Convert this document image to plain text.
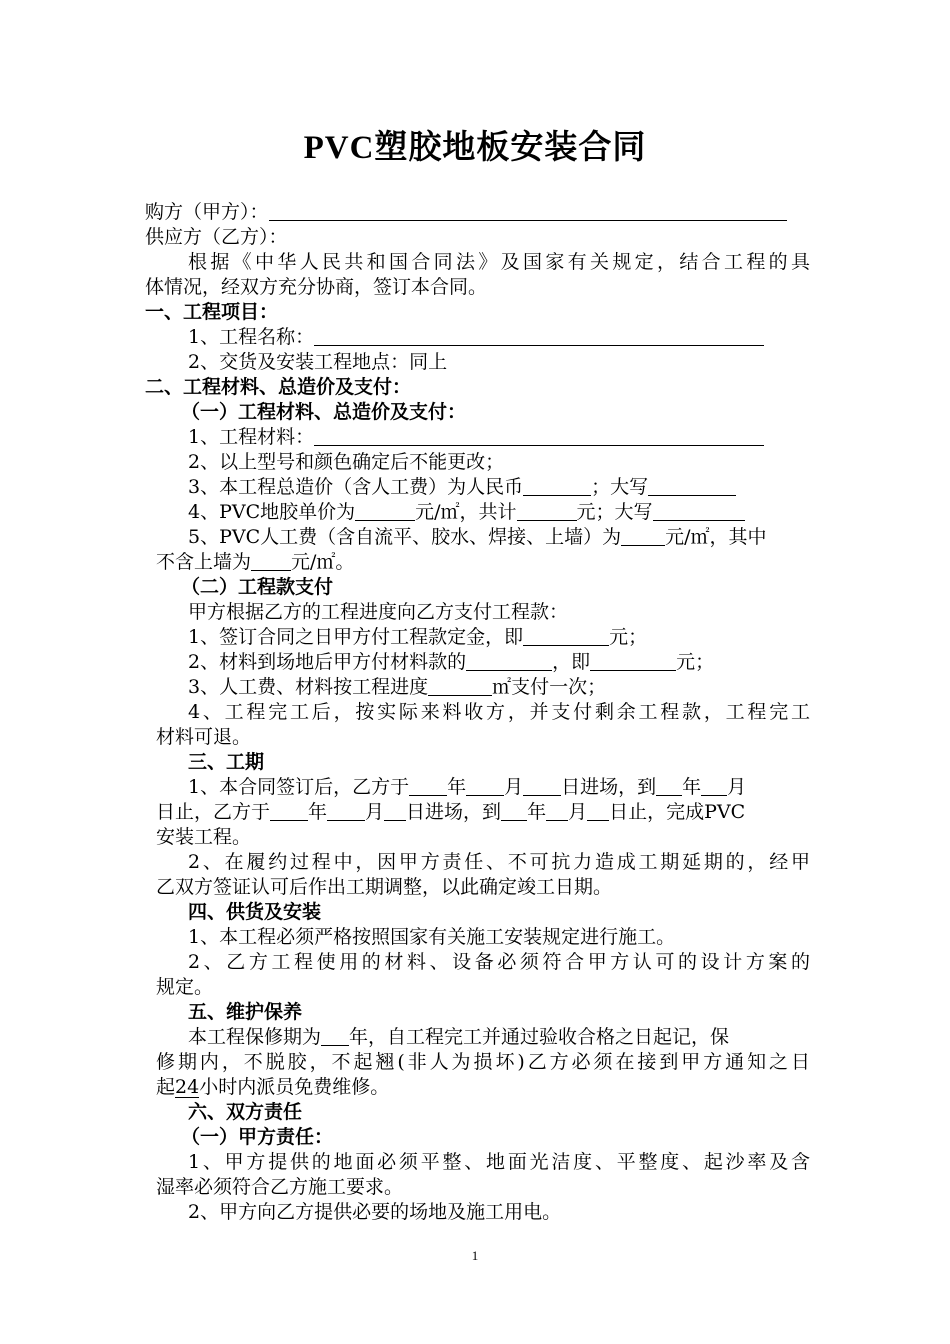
PVC塑胶地板安装合同
购方（甲方）：
供应方（乙方）：
根据《中华人民共和国合同法》及国家有关规定，结合工程的具
体情况，经双方充分协商，签订本合同。
一、工程项目：
1、工程名称：
2、交货及安装工程地点：同上
二、工程材料、总造价及支付：
（一）工程材料、总造价及支付：
1、工程材料：
2、以上型号和颜色确定后不能更改；
3、本工程总造价（含人工费）为人民币	；大写
4、PVC地胶单价为	元/㎡，共计	元；大写
5、PVC人工费（含自流平、胶水、焊接、上墙）为 元/㎡，其中
不含上墙为 元/㎡。
（二）工程款支付
甲方根据乙方的工程进度向乙方支付工程款：
1、签订合同之日甲方付工程款定金，即	元；
2、材料到场地后甲方付材料款的	，即	元；
3、人工费、材料按工程进度	㎡支付一次；
4、工程完工后，按实际来料收方，并支付剩余工程款，工程完工
材料可退。
三、工期
1、本合同签订后，乙方于 年 月 日进场，到 年 月
日止，乙方于 年 月 日进场，到 年 月 日止，完成PVC
安装工程。
2、在履约过程中，因甲方责任、不可抗力造成工期延期的，经甲
乙双方签证认可后作出工期调整，以此确定竣工日期。
四、供货及安装
1、本工程必须严格按照国家有关施工安装规定进行施工。
2、乙方工程使用的材料、设备必须符合甲方认可的设计方案的
规定。
五、维护保养
本工程保修期为 年，自工程完工并通过验收合格之日起记，保
修期内，不脱胶，不起翘(非人为损坏)乙方必须在接到甲方通知之日
起24小时内派员免费维修。
六、双方责任
（一）甲方责任：
1、甲方提供的地面必须平整、地面光洁度、平整度、起沙率及含
湿率必须符合乙方施工要求。
2、甲方向乙方提供必要的场地及施工用电。
1
